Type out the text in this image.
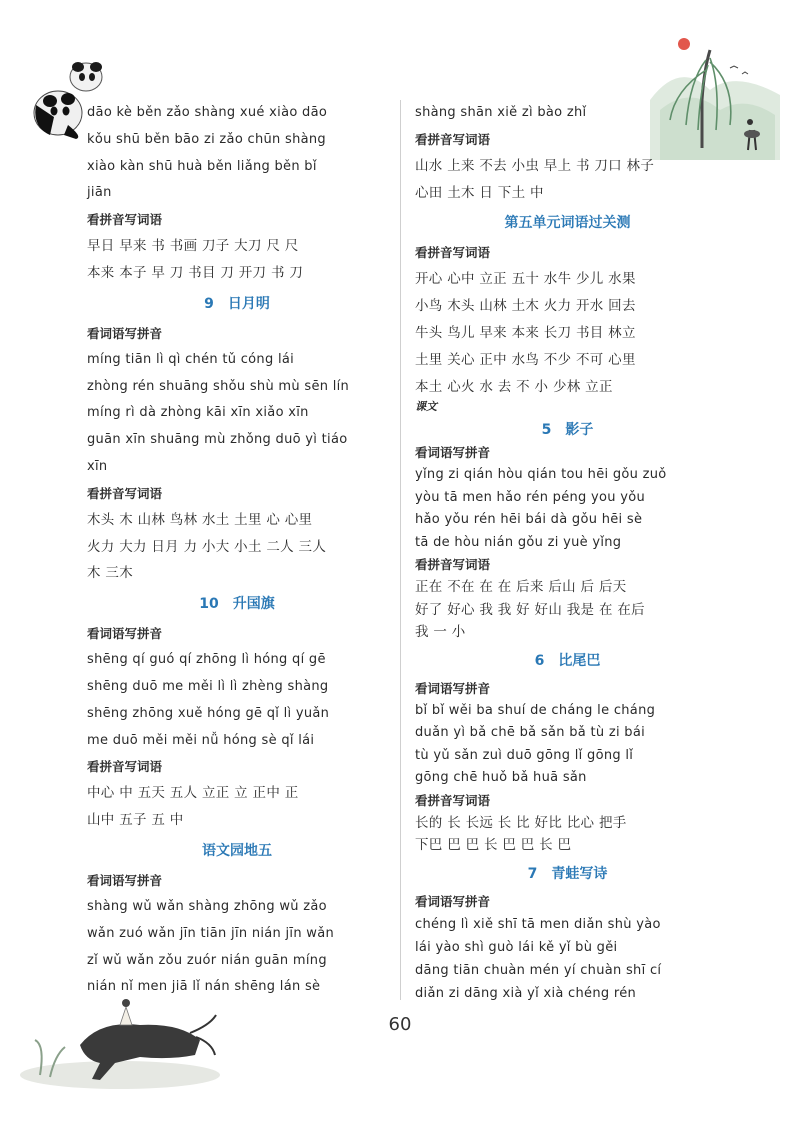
dāo kè běn zǎo shàng xué xiào dāo
kǒu shū běn bāo zi zǎo chūn shàng
xiào kàn shū huà běn liǎng běn bǐ
jiān
看拼音写词语
早日 早来 书 书画 刀子 大刀 尺 尺
本来 本子 早 刀 书目 刀 开刀 书 刀
9　日月明
看词语写拼音
míng tiān lì qì chén tǔ cóng lái
zhòng rén shuāng shǒu shù mù sēn lín
míng rì dà zhòng kāi xīn xiǎo xīn
guān xīn shuāng mù zhǒng duō yì tiáo
xīn
看拼音写词语
木头 木 山林 鸟林 水土 土里 心 心里
火力 大力 日月 力 小大 小土 二人 三人
木 三木
10　升国旗
看词语写拼音
shēng qí guó qí zhōng lì hóng qí gē
shēng duō me měi lì lì zhèng shàng
shēng zhōng xuě hóng gē qǐ lì yuǎn
me duō měi měi nǚ hóng sè qǐ lái
看拼音写词语
中心 中 五天 五人 立正 立 正中 正
山中 五子 五 中
语文园地五
看词语写拼音
shàng wǔ wǎn shàng zhōng wǔ zǎo
wǎn zuó wǎn jīn tiān jīn nián jīn wǎn
zǐ wǔ wǎn zǒu zuór nián guān míng
nián nǐ men jiā lǐ nán shēng lán sè
shàng shān xiě zì bào zhǐ
看拼音写词语
山水 上来 不去 小虫 早上 书 刀口 林子
心田 土木 日 下土 中
第五单元词语过关测
看拼音写词语
开心 心中 立正 五十 水牛 少儿 水果
小鸟 木头 山林 土木 火力 开水 回去
牛头 鸟儿 早来 本来 长刀 书目 林立
土里 关心 正中 水鸟 不少 不可 心里
本土 心火 水 去 不 小 少林 立正
课文
5　影子
看词语写拼音
yǐng zi qián hòu qián tou hēi gǒu zuǒ
yòu tā men hǎo rén péng you yǒu
hǎo yǒu rén hēi bái dà gǒu hēi sè
tā de hòu nián gǒu zi yuè yǐng
看拼音写词语
正在 不在 在 在 后来 后山 后 后天
好了 好心 我 我 好 好山 我是 在 在后
我 一 小
6　比尾巴
看词语写拼音
bǐ bǐ wěi ba shuí de cháng le cháng
duǎn yì bǎ chē bǎ sǎn bǎ tù zi bái
tù yǔ sǎn zuì duō gōng lǐ gōng lǐ
gōng chē huǒ bǎ huā sǎn
看拼音写词语
长的 长 长远 长 比 好比 比心 把手
下巴 巴 巴 长 巴 巴 长 巴
7　青蛙写诗
看词语写拼音
chéng lì xiě shī tā men diǎn shù yào
lái yào shì guò lái kě yǐ bù gěi
dāng tiān chuàn mén yí chuàn shī cí
diǎn zi dāng xià yǐ xià chéng rén
60
